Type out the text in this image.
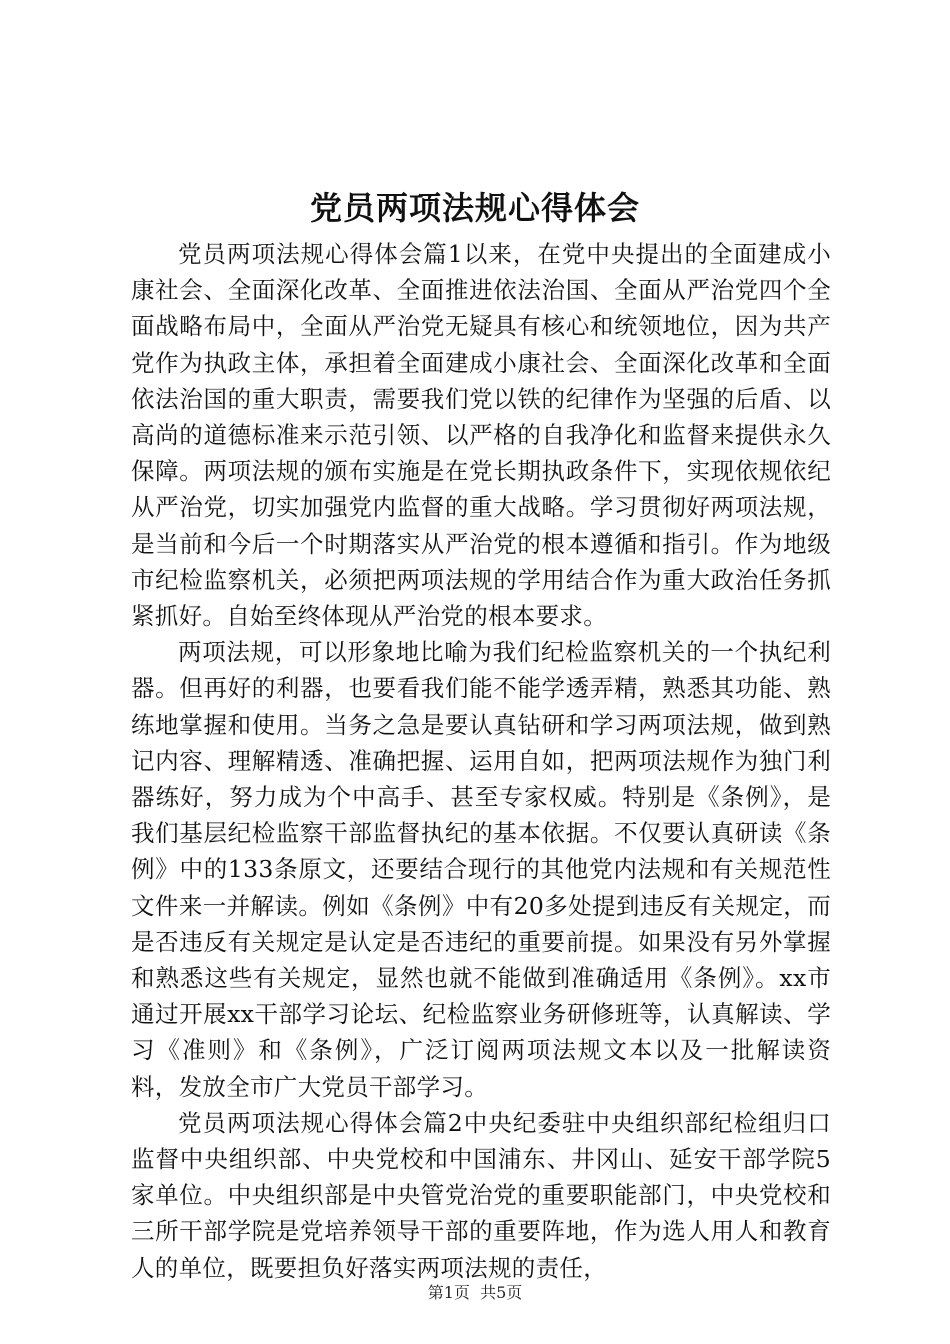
党员两项法规心得体会

党员两项法规心得体会篇1以来，在党中央提出的全面建成小康社会、全面深化改革、全面推进依法治国、全面从严治党四个全面战略布局中，全面从严治党无疑具有核心和统领地位，因为共产党作为执政主体，承担着全面建成小康社会、全面深化改革和全面依法治国的重大职责，需要我们党以铁的纪律作为坚强的后盾、以高尚的道德标准来示范引领、以严格的自我净化和监督来提供永久保障。两项法规的颁布实施是在党长期执政条件下，实现依规依纪从严治党，切实加强党内监督的重大战略。学习贯彻好两项法规，是当前和今后一个时期落实从严治党的根本遵循和指引。作为地级市纪检监察机关，必须把两项法规的学用结合作为重大政治任务抓紧抓好。自始至终体现从严治党的根本要求。

两项法规，可以形象地比喻为我们纪检监察机关的一个执纪利器。但再好的利器，也要看我们能不能学透弄精，熟悉其功能、熟练地掌握和使用。当务之急是要认真钻研和学习两项法规，做到熟记内容、理解精透、准确把握、运用自如，把两项法规作为独门利器练好，努力成为个中高手、甚至专家权威。特别是《条例》，是我们基层纪检监察干部监督执纪的基本依据。不仅要认真研读《条例》中的133条原文，还要结合现行的其他党内法规和有关规范性文件来一并解读。例如《条例》中有20多处提到违反有关规定，而是否违反有关规定是认定是否违纪的重要前提。如果没有另外掌握和熟悉这些有关规定，显然也就不能做到准确适用《条例》。xx市通过开展xx干部学习论坛、纪检监察业务研修班等，认真解读、学习《准则》和《条例》，广泛订阅两项法规文本以及一批解读资料，发放全市广大党员干部学习。

党员两项法规心得体会篇2中央纪委驻中央组织部纪检组归口监督中央组织部、中央党校和中国浦东、井冈山、延安干部学院5家单位。中央组织部是中央管党治党的重要职能部门，中央党校和三所干部学院是党培养领导干部的重要阵地，作为选人用人和教育人的单位，既要担负好落实两项法规的责任，

第1页 共5页
